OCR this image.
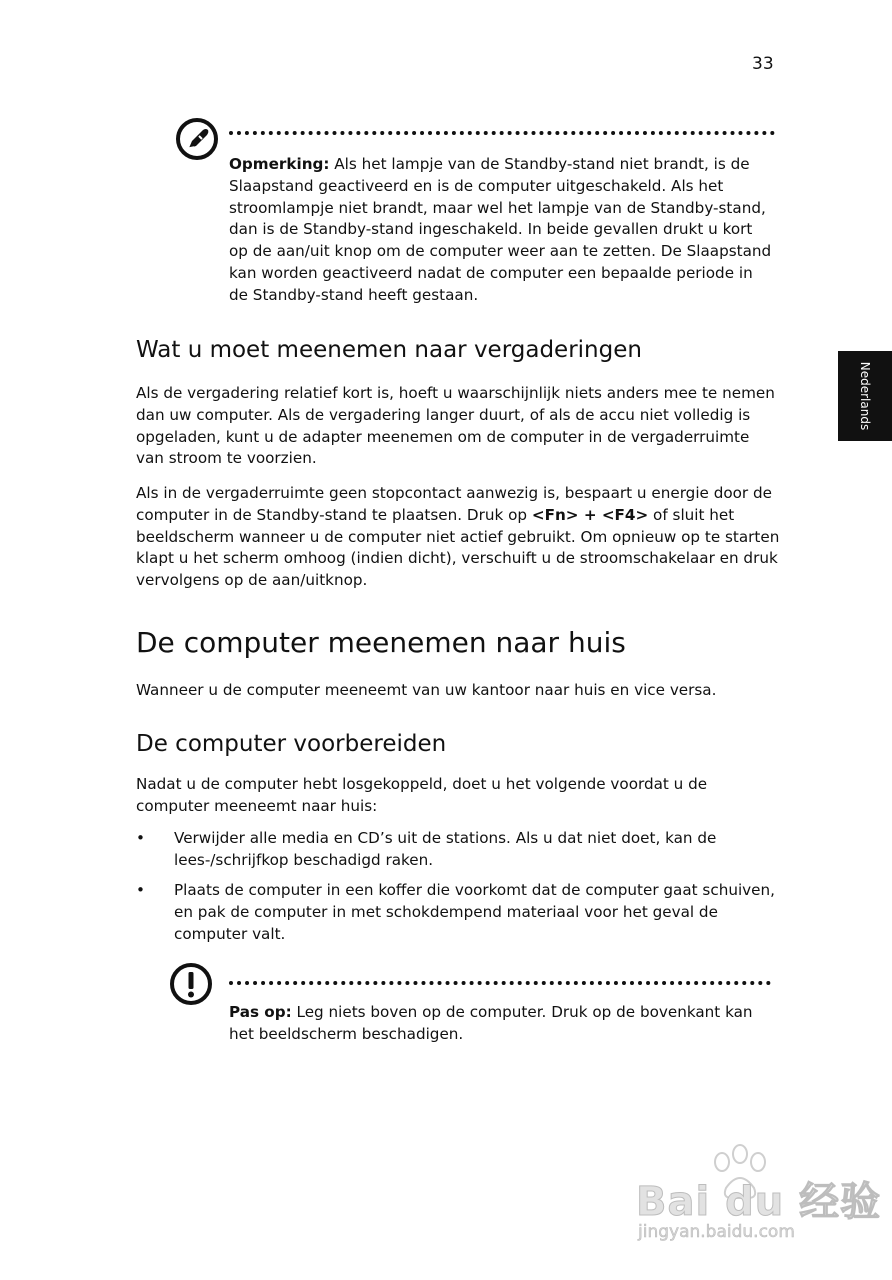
33
Nederlands
Opmerking: Als het lampje van de Standby-stand niet brandt, is de Slaapstand geactiveerd en is de computer uitgeschakeld. Als het stroomlampje niet brandt, maar wel het lampje van de Standby-stand, dan is de Standby-stand ingeschakeld. In beide gevallen drukt u kort op de aan/uit knop om de computer weer aan te zetten. De Slaapstand kan worden geactiveerd nadat de computer een bepaalde periode in de Standby-stand heeft gestaan.
Wat u moet meenemen naar vergaderingen

Als de vergadering relatief kort is, hoeft u waarschijnlijk niets anders mee te nemen dan uw computer. Als de vergadering langer duurt, of als de accu niet volledig is opgeladen, kunt u de adapter meenemen om de computer in de vergaderruimte van stroom te voorzien.

Als in de vergaderruimte geen stopcontact aanwezig is, bespaart u energie door de computer in de Standby-stand te plaatsen. Druk op <Fn> + <F4> of sluit het beeldscherm wanneer u de computer niet actief gebruikt. Om opnieuw op te starten klapt u het scherm omhoog (indien dicht), verschuift u de stroomschakelaar en druk vervolgens op de aan/uitknop.

De computer meenemen naar huis

Wanneer u de computer meeneemt van uw kantoor naar huis en vice versa.

De computer voorbereiden

Nadat u de computer hebt losgekoppeld, doet u het volgende voordat u de computer meeneemt naar huis:

• Verwijder alle media en CD’s uit de stations. Als u dat niet doet, kan de lees-/schrijfkop beschadigd raken.
• Plaats de computer in een koffer die voorkomt dat de computer gaat schuiven, en pak de computer in met schokdempend materiaal voor het geval de computer valt.
Pas op: Leg niets boven op de computer. Druk op de bovenkant kan het beeldscherm beschadigen.
Bai du 经验
jingyan.baidu.com
